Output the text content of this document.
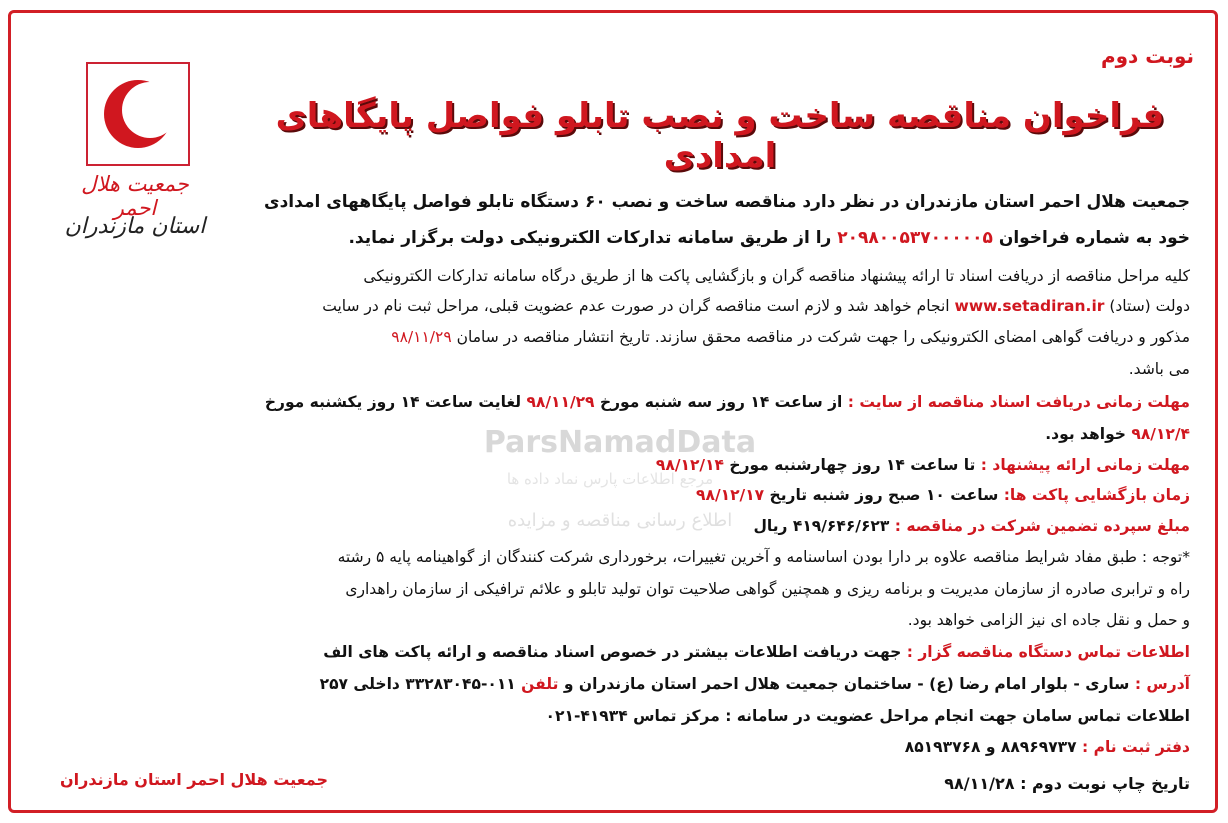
نوبت دوم
جمعیت هلال احمر
استان مازندران
فراخوان مناقصه ساخت و نصب تابلو فواصل پایگاهای امدادی
ParsNamadData
مرجع اطلاعات پارس نماد داده ها
اطلاع رسانی مناقصه و مزایده
جمعیت هلال احمر استان مازندران در نظر دارد مناقصه ساخت و نصب ۶۰ دستگاه تابلو فواصل پایگاههای امدادی
خود به شماره فراخوان ۲۰۹۸۰۰۵۳۷۰۰۰۰۰۵ را از طریق سامانه تدارکات الکترونیکی دولت برگزار نماید.
کلیه مراحل مناقصه از دریافت اسناد تا ارائه پیشنهاد مناقصه گران و بازگشایی پاکت ها از طریق درگاه سامانه تدارکات الکترونیکی
دولت (ستاد) www.setadiran.ir انجام خواهد شد و لازم است مناقصه گران در صورت عدم عضویت قبلی، مراحل ثبت نام در سایت
مذکور و دریافت گواهی امضای الکترونیکی را جهت شرکت در مناقصه محقق سازند. تاریخ انتشار مناقصه در سامان ۹۸/۱۱/۲۹
می باشد.
مهلت زمانی دریافت اسناد مناقصه از سایت : از ساعت ۱۴ روز سه شنبه مورخ ۹۸/۱۱/۲۹ لغایت ساعت ۱۴ روز یکشنبه مورخ
۹۸/۱۲/۴ خواهد بود.
مهلت زمانی ارائه پیشنهاد : تا ساعت ۱۴ روز چهارشنبه مورخ ۹۸/۱۲/۱۴
زمان بازگشایی پاکت ها: ساعت ۱۰ صبح روز شنبه تاریخ ۹۸/۱۲/۱۷
مبلغ سپرده تضمین شرکت در مناقصه : ۴۱۹/۶۴۶/۶۲۳ ریال
*توجه : طبق مفاد شرایط مناقصه علاوه بر دارا بودن اساسنامه و آخرین تغییرات، برخورداری شرکت کنندگان از گواهینامه پایه ۵ رشته
راه و ترابری صادره از سازمان مدیریت و برنامه ریزی و همچنین گواهی صلاحیت توان تولید تابلو و علائم ترافیکی از سازمان راهداری
و حمل و نقل جاده ای نیز الزامی خواهد بود.
اطلاعات تماس دستگاه مناقصه گزار : جهت دریافت اطلاعات بیشتر در خصوص اسناد مناقصه و ارائه پاکت های الف
آدرس : ساری - بلوار امام رضا (ع) - ساختمان جمعیت هلال احمر استان مازندران و تلفن ۰۱۱-۳۳۲۸۳۰۴۵ داخلی ۲۵۷
اطلاعات تماس سامان جهت انجام مراحل عضویت در سامانه : مرکز تماس ۴۱۹۳۴-۰۲۱
دفتر ثبت نام : ۸۸۹۶۹۷۳۷ و ۸۵۱۹۳۷۶۸
جمعیت هلال احمر استان مازندران	تاریخ چاپ نوبت دوم : ۹۸/۱۱/۲۸
